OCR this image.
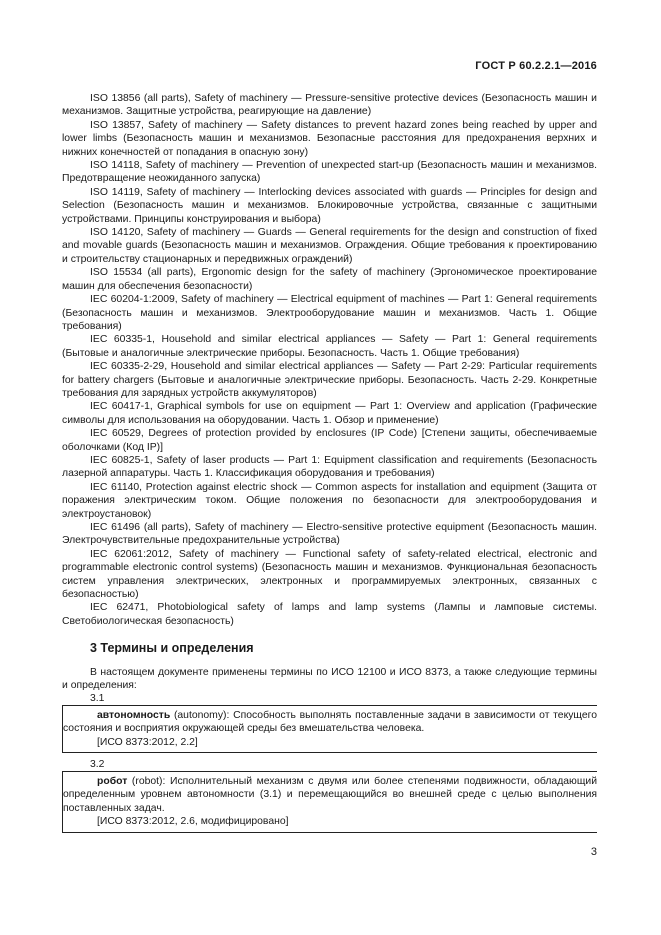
ГОСТ Р 60.2.2.1—2016

ISO 13856 (all parts), Safety of machinery — Pressure-sensitive protective devices (Безопасность машин и механизмов. Защитные устройства, реагирующие на давление)

ISO 13857, Safety of machinery — Safety distances to prevent hazard zones being reached by upper and lower limbs (Безопасность машин и механизмов. Безопасные расстояния для предохранения верхних и нижних конечностей от попадания в опасную зону)

ISO 14118, Safety of machinery — Prevention of unexpected start-up (Безопасность машин и механизмов. Предотвращение неожиданного запуска)

ISO 14119, Safety of machinery — Interlocking devices associated with guards — Principles for design and Selection (Безопасность машин и механизмов. Блокировочные устройства, связанные с защитными устройствами. Принципы конструирования и выбора)

ISO 14120, Safety of machinery — Guards — General requirements for the design and construction of fixed and movable guards (Безопасность машин и механизмов. Ограждения. Общие требования к проектированию и строительству стационарных и передвижных ограждений)

ISO 15534 (all parts), Ergonomic design for the safety of machinery (Эргономическое проектирование машин для обеспечения безопасности)

IEC 60204-1:2009, Safety of machinery — Electrical equipment of machines — Part 1: General requirements (Безопасность машин и механизмов. Электрооборудование машин и механизмов. Часть 1. Общие требования)

IEC 60335-1, Household and similar electrical appliances — Safety — Part 1: General requirements (Бытовые и аналогичные электрические приборы. Безопасность. Часть 1. Общие требования)

IEC 60335-2-29, Household and similar electrical appliances — Safety — Part 2-29: Particular requirements for battery chargers (Бытовые и аналогичные электрические приборы. Безопасность. Часть 2-29. Конкретные требования для зарядных устройств аккумуляторов)

IEC 60417-1, Graphical symbols for use on equipment — Part 1: Overview and application (Графические символы для использования на оборудовании. Часть 1. Обзор и применение)

IEC 60529, Degrees of protection provided by enclosures (IP Code) [Степени защиты, обеспечиваемые оболочками (Код IP)]

IEC 60825-1, Safety of laser products — Part 1: Equipment classification and requirements (Безопасность лазерной аппаратуры. Часть 1. Классификация оборудования и требования)

IEC 61140, Protection against electric shock — Common aspects for installation and equipment (Защита от поражения электрическим током. Общие положения по безопасности для электрооборудования и электроустановок)

IEC 61496 (all parts), Safety of machinery — Electro-sensitive protective equipment (Безопасность машин. Электрочувствительные предохранительные устройства)

IEC 62061:2012, Safety of machinery — Functional safety of safety-related electrical, electronic and programmable electronic control systems) (Безопасность машин и механизмов. Функциональная безопасность систем управления электрических, электронных и программируемых электронных, связанных с безопасностью)

IEC 62471, Photobiological safety of lamps and lamp systems (Лампы и ламповые системы. Светобиологическая безопасность)

3 Термины и определения

В настоящем документе применены термины по ИСО 12100 и ИСО 8373, а также следующие термины и определения:

3.1

автономность (autonomy): Способность выполнять поставленные задачи в зависимости от текущего состояния и восприятия окружающей среды без вмешательства человека.

[ИСО 8373:2012, 2.2]
3.2

робот (robot): Исполнительный механизм с двумя или более степенями подвижности, обладающий определенным уровнем автономности (3.1) и перемещающийся во внешней среде с целью выполнения поставленных задач.

[ИСО 8373:2012, 2.6, модифицировано]
3
